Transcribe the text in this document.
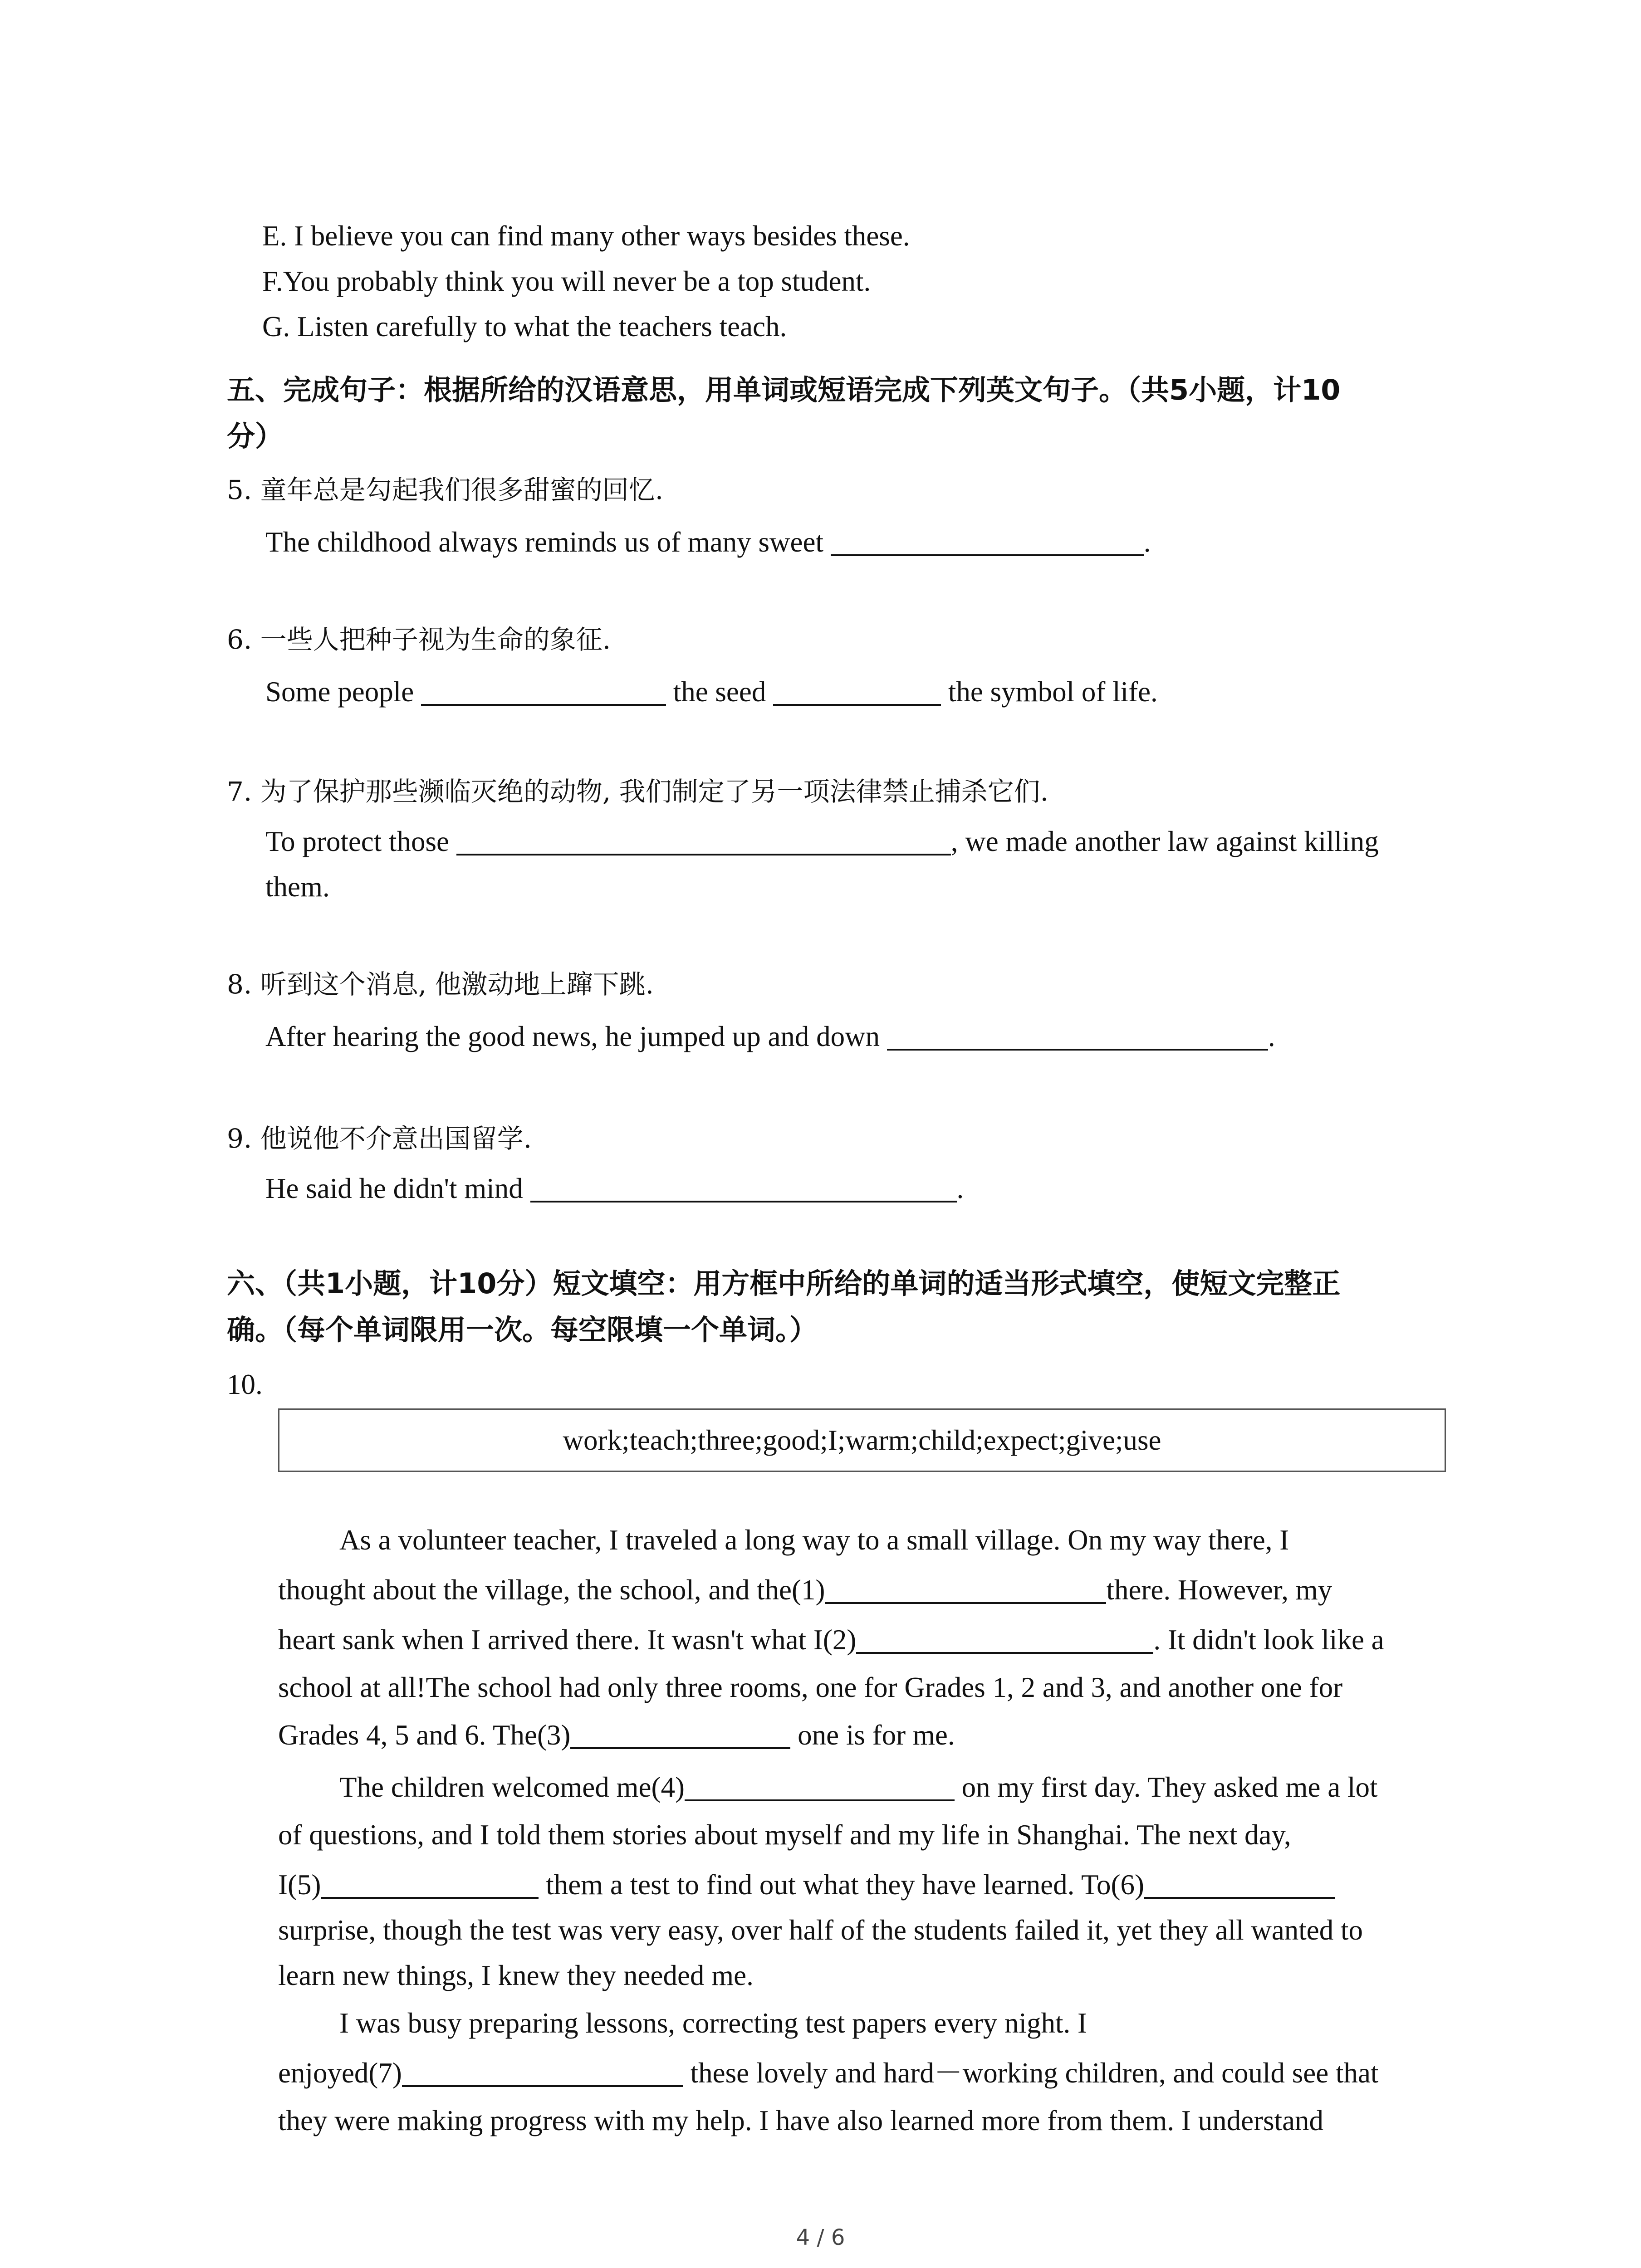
E. I believe you can find many other ways besides these.
F.You probably think you will never be a top student.
G. Listen carefully to what the teachers teach.
五、完成句子：根据所给的汉语意思，用单词或短语完成下列英文句子。（共5小题，计10
分）
5. 童年总是勾起我们很多甜蜜的回忆.
The childhood always reminds us of many sweet	.
6. 一些人把种子视为生命的象征.
Some people	the seed	the symbol of life.
7. 为了保护那些濒临灭绝的动物, 我们制定了另一项法律禁止捕杀它们.
To protect those	, we made another law against killing
them.
8. 听到这个消息, 他激动地上蹿下跳.
After hearing the good news, he jumped up and down	.
9. 他说他不介意出国留学.
He said he didn't mind	.
六、（共1小题，计10分）短文填空：用方框中所给的单词的适当形式填空，使短文完整正
确。（每个单词限用一次。每空限填一个单词。）
10.
work;teach;three;good;I;warm;child;expect;give;use
As a volunteer teacher, I traveled a long way to a small village. On my way there, I
thought about the village, the school, and the(1)	there. However, my
heart sank when I arrived there. It wasn't what I(2)	. It didn't look like a
school at all!The school had only three rooms, one for Grades 1, 2 and 3, and another one for
Grades 4, 5 and 6. The(3)	one is for me.
The children welcomed me(4)	on my first day. They asked me a lot
of questions, and I told them stories about myself and my life in Shanghai. The next day,
I(5)	them a test to find out what they have learned. To(6)
surprise, though the test was very easy, over half of the students failed it, yet they all wanted to
learn new things, I knew they needed me.
I was busy preparing lessons, correcting test papers every night. I
enjoyed(7)	these lovely and hard－working children, and could see that
they were making progress with my help. I have also learned more from them. I understand
4 / 6
